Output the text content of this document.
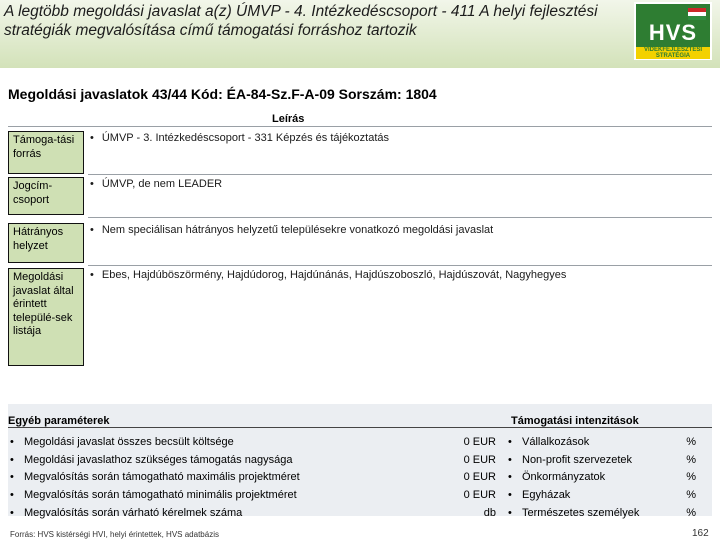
A legtöbb megoldási javaslat a(z) ÚMVP - 4. Intézkedéscsoport - 411 A helyi fejlesztési stratégiák megvalósítása című támogatási forráshoz tartozik	HVS
VIDÉKFEJLESZTÉSI STRATÉGIA
Megoldási javaslatok 43/44 Kód: ÉA-84-Sz.F-A-09 Sorszám: 1804
Leírás
Támoga-tási forrás
• ÚMVP - 3. Intézkedéscsoport - 331 Képzés és tájékoztatás
Jogcím-csoport
• ÚMVP, de nem LEADER
Hátrányos helyzet
• Nem speciálisan hátrányos helyzetű településekre vonatkozó megoldási javaslat
Megoldási javaslat által érintett települé-sek listája
• Ebes, Hajdúböszörmény, Hajdúdorog, Hajdúnánás, Hajdúszoboszló, Hajdúszovát, Nagyhegyes
Egyéb paraméterek	Támogatási intenzitások
• Megoldási javaslat összes becsült költsége	0 EUR
• Megoldási javaslathoz szükséges támogatás nagysága	0 EUR
• Megvalósítás során támogatható maximális projektméret	0 EUR
• Megvalósítás során támogatható minimális projektméret	0 EUR
• Megvalósítás során várható kérelmek száma	db
• Vállalkozások	%
• Non-profit szervezetek	%
• Önkormányzatok	%
• Egyházak	%
• Természetes személyek	%
Forrás: HVS kistérségi HVI, helyi érintettek, HVS adatbázis	162
